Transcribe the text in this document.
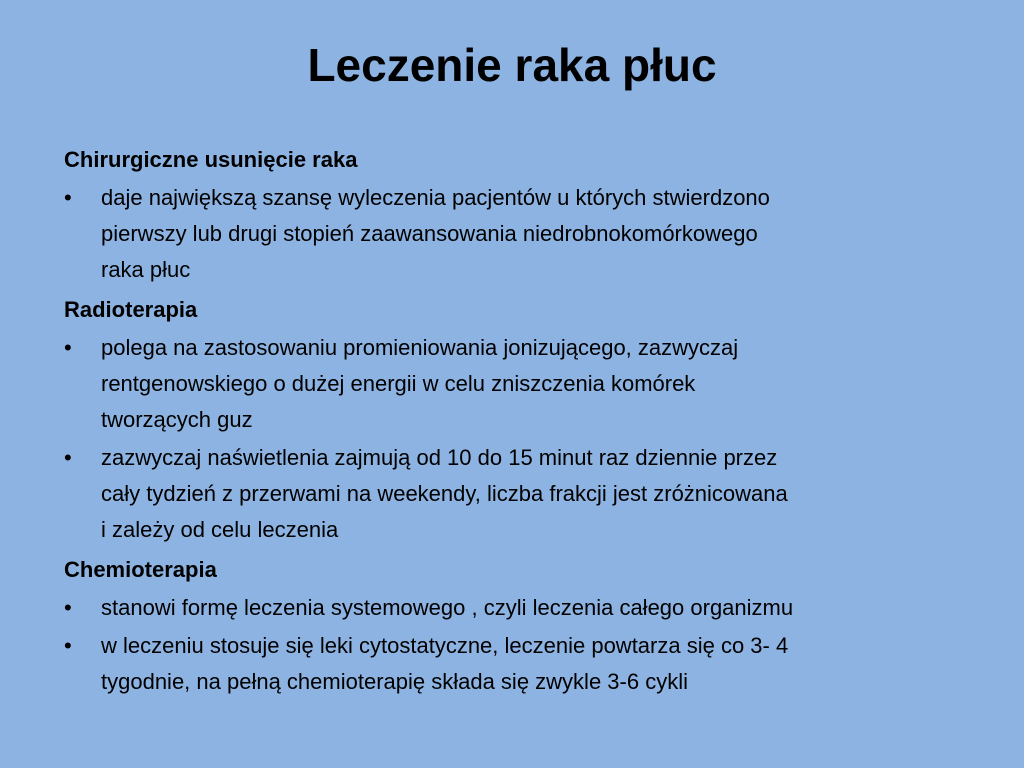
Leczenie raka płuc
Chirurgiczne usunięcie raka
• daje największą szansę wyleczenia pacjentów u których stwierdzono
pierwszy lub drugi stopień zaawansowania niedrobnokomórkowego
raka płuc
Radioterapia
• polega na zastosowaniu promieniowania jonizującego, zazwyczaj
rentgenowskiego o dużej energii w celu zniszczenia komórek
tworzących guz
• zazwyczaj naświetlenia zajmują od 10 do 15 minut raz dziennie przez
cały tydzień z przerwami na weekendy, liczba frakcji jest zróżnicowana
i zależy od celu leczenia
Chemioterapia
• stanowi formę leczenia systemowego , czyli leczenia całego organizmu
• w leczeniu stosuje się leki cytostatyczne, leczenie powtarza się co 3- 4
tygodnie, na pełną chemioterapię składa się zwykle 3-6 cykli
